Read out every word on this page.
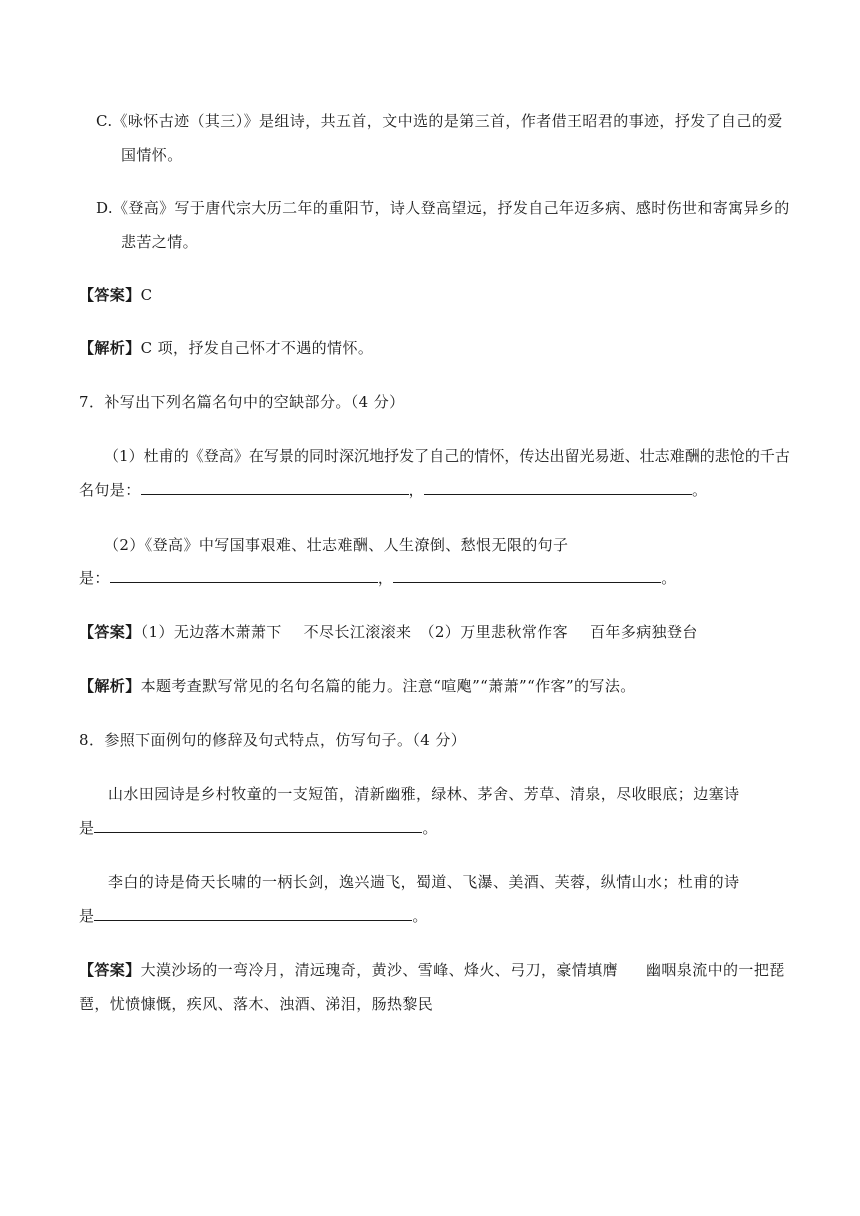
C.《咏怀古迹（其三）》是组诗，共五首，文中选的是第三首，作者借王昭君的事迹，抒发了自己的爱
国情怀。
D.《登高》写于唐代宗大历二年的重阳节，诗人登高望远，抒发自己年迈多病、感时伤世和寄寓异乡的
悲苦之情。
【答案】C
【解析】C 项，抒发自己怀才不遇的情怀。
7．补写出下列名篇名句中的空缺部分。（4 分）
（1）杜甫的《登高》在写景的同时深沉地抒发了自己的情怀，传达出留光易逝、壮志难酬的悲怆的千古
名句是：	，	。
（2）《登高》中写国事艰难、壮志难酬、人生潦倒、愁恨无限的句子
是：	，	。
【答案】（1）无边落木萧萧下 不尽长江滚滚来 （2）万里悲秋常作客 百年多病独登台
【解析】本题考查默写常见的名句名篇的能力。注意“喧飑”“萧萧”“作客”的写法。
8．参照下面例句的修辞及句式特点，仿写句子。（4 分）
山水田园诗是乡村牧童的一支短笛，清新幽雅，绿林、茅舍、芳草、清泉，尽收眼底；边塞诗
是	。
李白的诗是倚天长啸的一柄长剑，逸兴遄飞，蜀道、飞瀑、美酒、芙蓉，纵情山水；杜甫的诗
是	。
【答案】大漠沙场的一弯冷月，清远瑰奇，黄沙、雪峰、烽火、弓刀，豪情填膺 幽咽泉流中的一把琵
琶，忧愤慷慨，疾风、落木、浊酒、涕泪，肠热黎民
